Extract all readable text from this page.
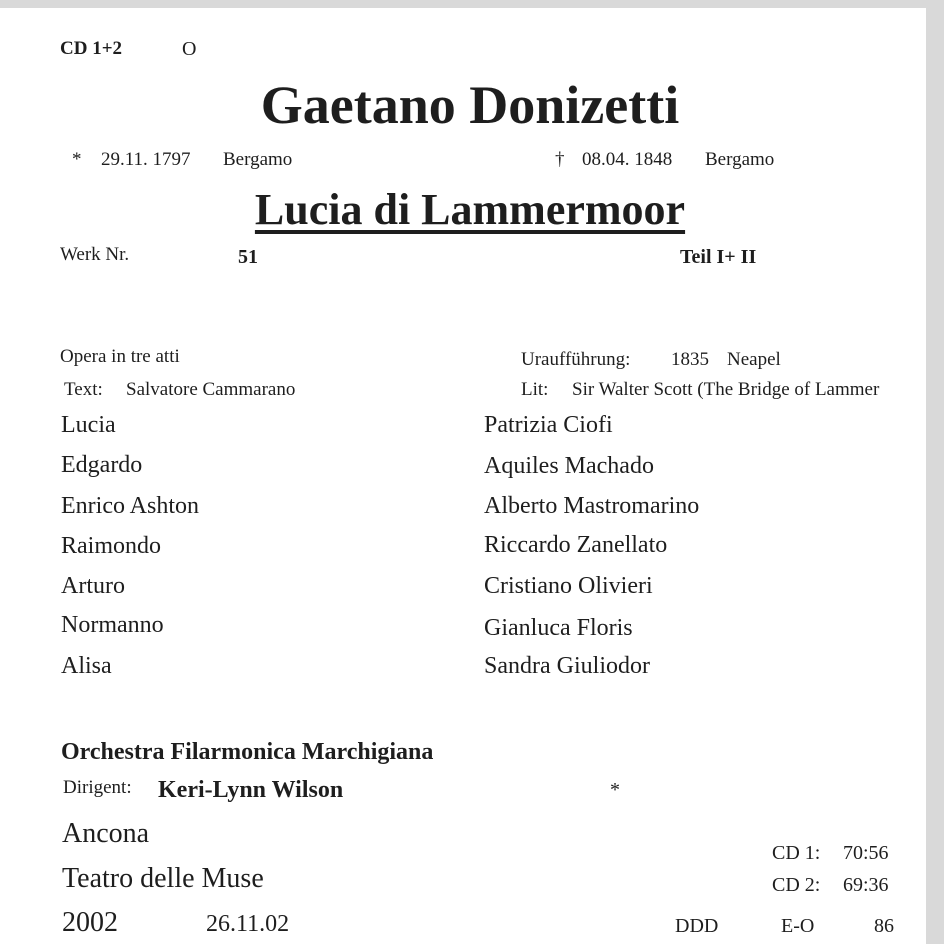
CD 1+2	O
Gaetano Donizetti
* 29.11. 1797 Bergamo	† 08.04. 1848 Bergamo
Lucia di Lammermoor
Werk Nr.	51	Teil I+ II
Opera in tre atti
Text: Salvatore Cammarano
Uraufführung: 1835 Neapel
Lit: Sir Walter Scott (The Bridge of Lammer
Lucia	Patrizia Ciofi
Edgardo	Aquiles Machado
Enrico Ashton	Alberto Mastromarino
Raimondo	Riccardo Zanellato
Arturo	Cristiano Olivieri
Normanno	Gianluca Floris
Alisa	Sandra Giuliodor
Orchestra Filarmonica Marchigiana
Dirigent: Keri-Lynn Wilson	*
Ancona
Teatro delle Muse
2002	26.11.02
CD 1: 70:56
CD 2: 69:36
DDD	E-O	86
